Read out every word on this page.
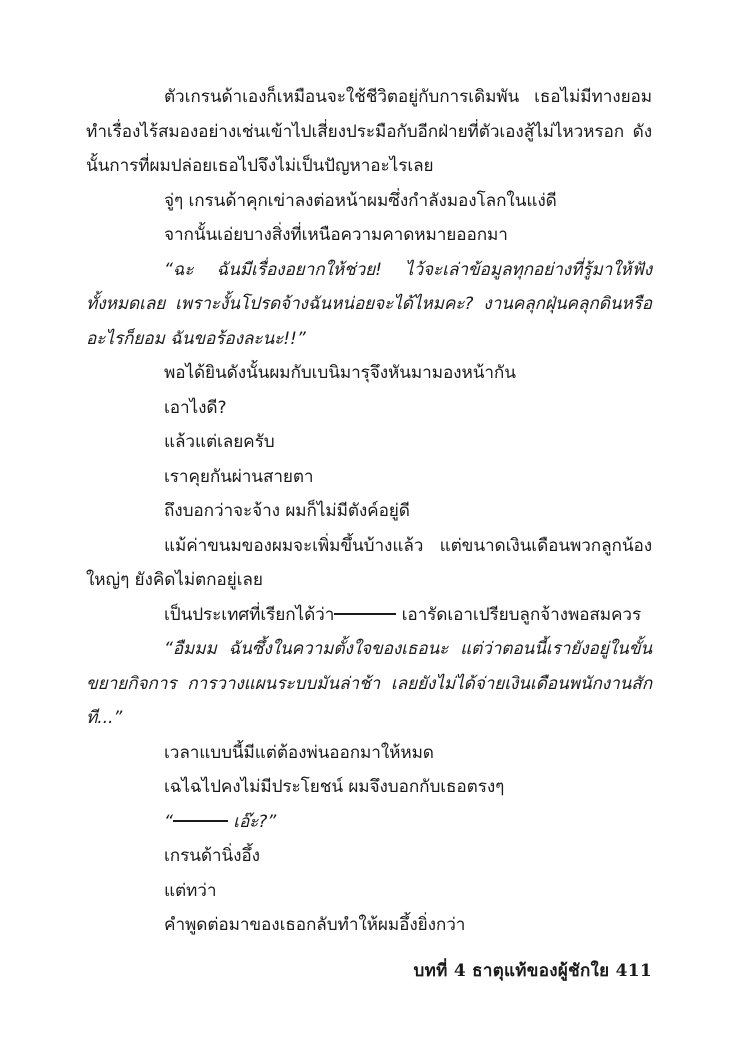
ตัวเกรนด้าเองก็เหมือนจะใช้ชีวิตอยู่กับการเดิมพัน เธอไม่มีทางยอมทำเรื่องไร้สมองอย่างเช่นเข้าไปเสี่ยงประมือกับอีกฝ่ายที่ตัวเองสู้ไม่ไหวหรอก ดังนั้นการที่ผมปล่อยเธอไปจึงไม่เป็นปัญหาอะไรเลย

จู่ๆ เกรนด้าคุกเข่าลงต่อหน้าผมซึ่งกำลังมองโลกในแง่ดี

จากนั้นเอ่ยบางสิ่งที่เหนือความคาดหมายออกมา

“ฉะ ฉันมีเรื่องอยากให้ช่วย! ไว้จะเล่าข้อมูลทุกอย่างที่รู้มาให้ฟังทั้งหมดเลย เพราะงั้นโปรดจ้างฉันหน่อยจะได้ไหมคะ? งานคลุกฝุ่นคลุกดินหรืออะไรก็ยอม ฉันขอร้องละนะ!!”

พอได้ยินดังนั้นผมกับเบนิมารุจึงหันมามองหน้ากัน

เอาไงดี?

แล้วแต่เลยครับ

เราคุยกันผ่านสายตา

ถึงบอกว่าจะจ้าง ผมก็ไม่มีตังค์อยู่ดี

แม้ค่าขนมของผมจะเพิ่มขึ้นบ้างแล้ว แต่ขนาดเงินเดือนพวกลูกน้องใหญ่ๆ ยังคิดไม่ตกอยู่เลย

เป็นประเทศที่เรียกได้ว่า	เอารัดเอาเปรียบลูกจ้างพอสมควร

“อืมมม ฉันซึ้งในความตั้งใจของเธอนะ แต่ว่าตอนนี้เรายังอยู่ในขั้นขยายกิจการ การวางแผนระบบมันล่าช้า เลยยังไม่ได้จ่ายเงินเดือนพนักงานสักที...”

เวลาแบบนี้มีแต่ต้องพ่นออกมาให้หมด

เฉไฉไปคงไม่มีประโยชน์ ผมจึงบอกกับเธอตรงๆ

“	เอ๊ะ?”

เกรนด้านิ่งอึ้ง

แต่ทว่า

คำพูดต่อมาของเธอกลับทำให้ผมอึ้งยิ่งกว่า

บทที่ 4 ธาตุแท้ของผู้ชักใย 411
